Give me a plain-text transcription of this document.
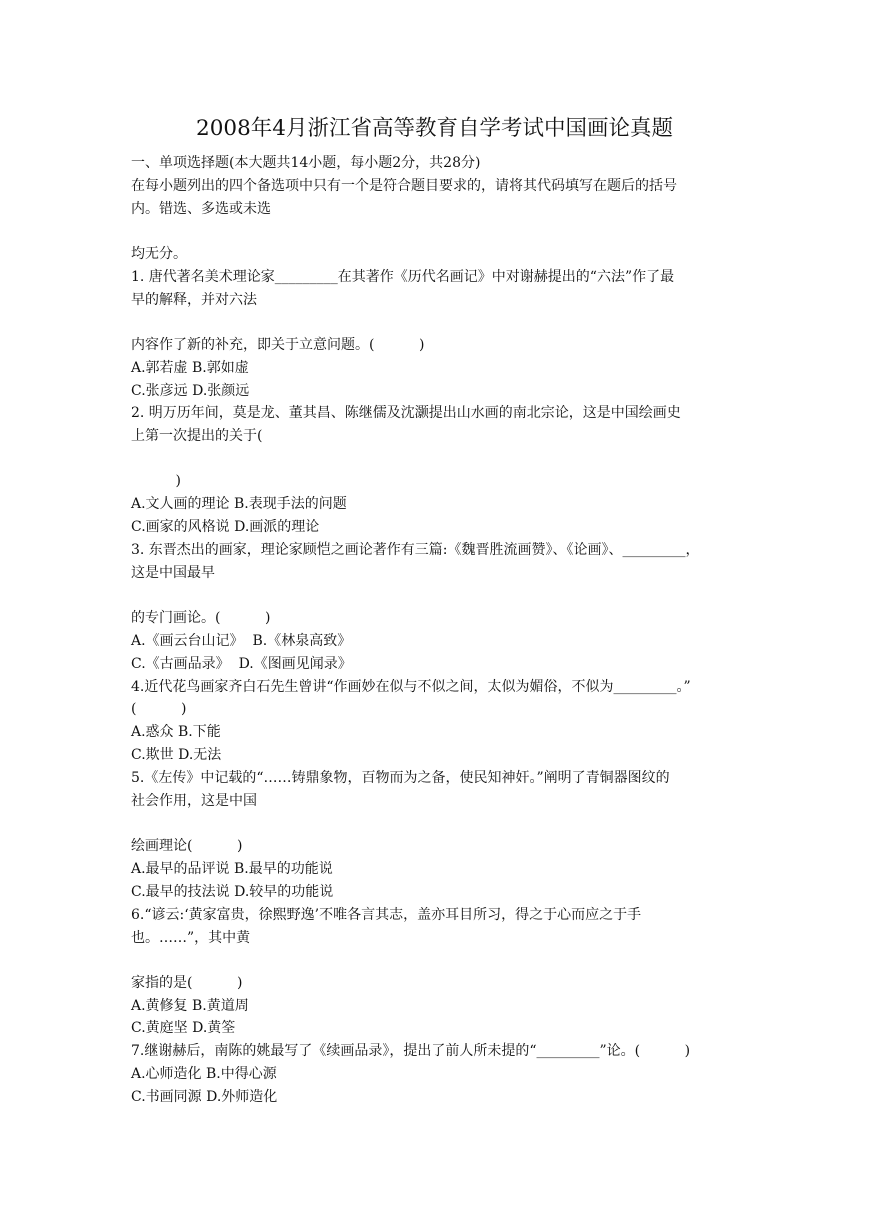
2008年4月浙江省高等教育自学考试中国画论真题
一、单项选择题(本大题共14小题，每小题2分，共28分)
在每小题列出的四个备选项中只有一个是符合题目要求的，请将其代码填写在题后的括号
内。错选、多选或未选
均无分。
1. 唐代著名美术理论家_________在其著作《历代名画记》中对谢赫提出的“六法”作了最
早的解释，并对六法
内容作了新的补充，即关于立意问题。(          )
A.郭若虚 B.郭如虚
C.张彦远 D.张颜远
2. 明万历年间，莫是龙、董其昌、陈继儒及沈灏提出山水画的南北宗论，这是中国绘画史
上第一次提出的关于(
)
A.文人画的理论 B.表现手法的问题
C.画家的风格说 D.画派的理论
3. 东晋杰出的画家，理论家顾恺之画论著作有三篇:《魏晋胜流画赞》、《论画》、_________，
这是中国最早
的专门画论。(          )
A.《画云台山记》  B.《林泉高致》
C.《古画品录》  D.《图画见闻录》
4.近代花鸟画家齐白石先生曾讲“作画妙在似与不似之间，太似为媚俗，不似为_________。”
(          )
A.惑众 B.下能
C.欺世 D.无法
5.《左传》中记载的“……铸鼎象物，百物而为之备，使民知神奸。”阐明了青铜器图纹的
社会作用，这是中国
绘画理论(          )
A.最早的品评说 B.最早的功能说
C.最早的技法说 D.较早的功能说
6.“谚云:‘黄家富贵，徐熙野逸’不唯各言其志，盖亦耳目所习，得之于心而应之于手
也。……”，其中黄
家指的是(          )
A.黄修复 B.黄道周
C.黄庭坚 D.黄筌
7.继谢赫后，南陈的姚最写了《续画品录》，提出了前人所未提的“_________”论。(          )
A.心师造化 B.中得心源
C.书画同源 D.外师造化
